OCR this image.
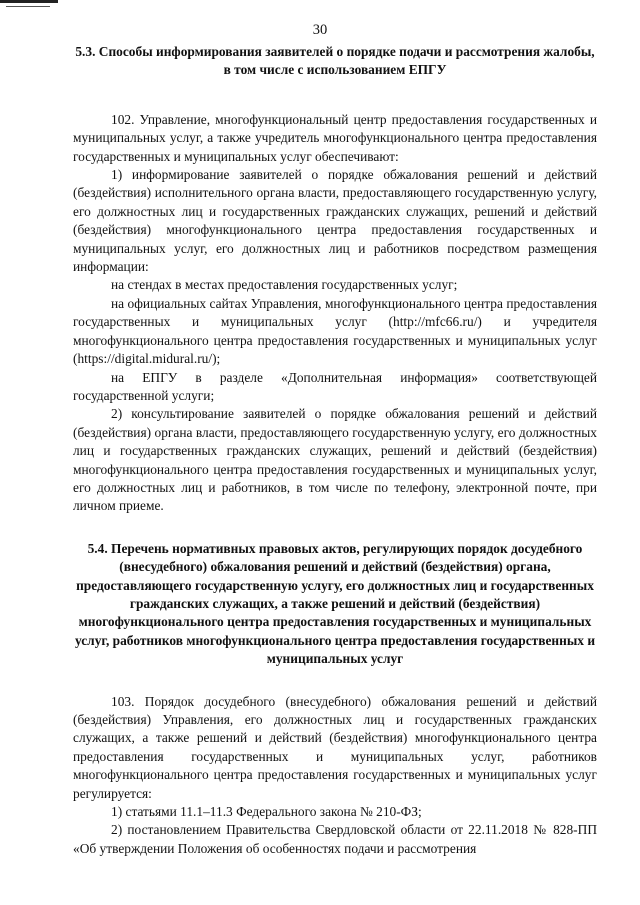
30

5.3. Способы информирования заявителей о порядке подачи и рассмотрения жалобы, в том числе с использованием ЕПГУ

102. Управление, многофункциональный центр предоставления государственных и муниципальных услуг, а также учредитель многофункционального центра предоставления государственных и муниципальных услуг обеспечивают:

1) информирование заявителей о порядке обжалования решений и действий (бездействия) исполнительного органа власти, предоставляющего государственную услугу, его должностных лиц и государственных гражданских служащих, решений и действий (бездействия) многофункционального центра предоставления государственных и муниципальных услуг, его должностных лиц и работников посредством размещения информации:

на стендах в местах предоставления государственных услуг;

на официальных сайтах Управления, многофункционального центра предоставления государственных и муниципальных услуг (http://mfc66.ru/) и учредителя многофункционального центра предоставления государственных и муниципальных услуг (https://digital.midural.ru/);

на ЕПГУ в разделе «Дополнительная информация» соответствующей государственной услуги;

2) консультирование заявителей о порядке обжалования решений и действий (бездействия) органа власти, предоставляющего государственную услугу, его должностных лиц и государственных гражданских служащих, решений и действий (бездействия) многофункционального центра предоставления государственных и муниципальных услуг, его должностных лиц и работников, в том числе по телефону, электронной почте, при личном приеме.

5.4. Перечень нормативных правовых актов, регулирующих порядок досудебного (внесудебного) обжалования решений и действий (бездействия) органа, предоставляющего государственную услугу, его должностных лиц и государственных гражданских служащих, а также решений и действий (бездействия) многофункционального центра предоставления государственных и муниципальных услуг, работников многофункционального центра предоставления государственных и муниципальных услуг

103. Порядок досудебного (внесудебного) обжалования решений и действий (бездействия) Управления, его должностных лиц и государственных гражданских служащих, а также решений и действий (бездействия) многофункционального центра предоставления государственных и муниципальных услуг, работников многофункционального центра предоставления государственных и муниципальных услуг регулируется:

1) статьями 11.1–11.3 Федерального закона № 210-ФЗ;

2) постановлением Правительства Свердловской области от 22.11.2018 № 828-ПП «Об утверждении Положения об особенностях подачи и рассмотрения
